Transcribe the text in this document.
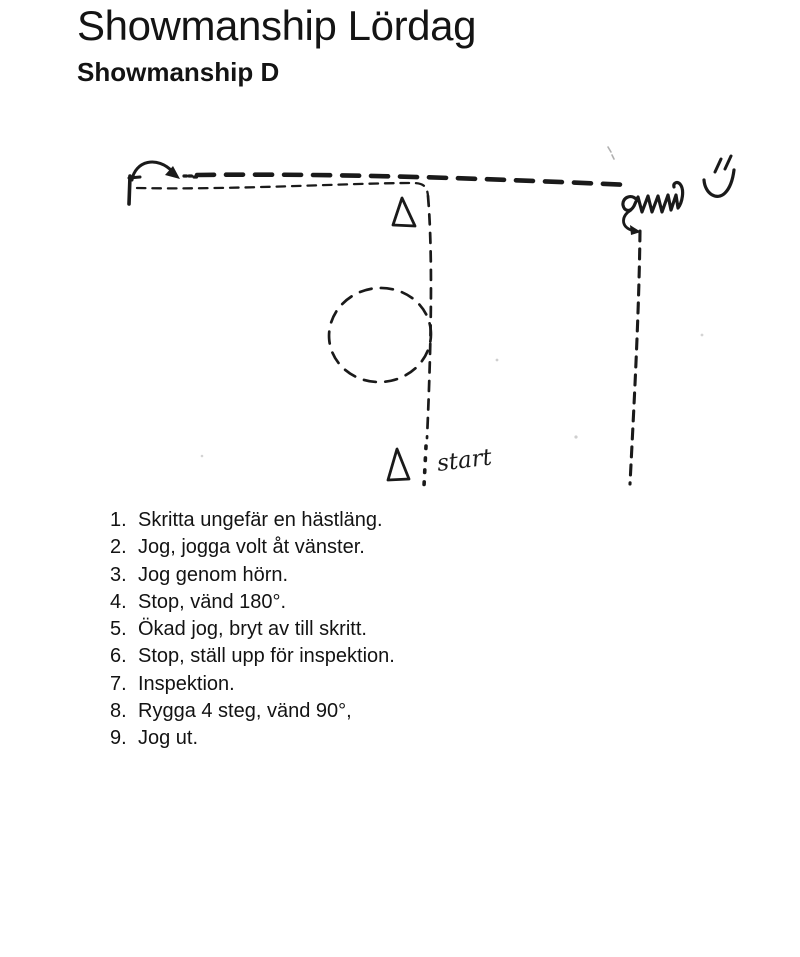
Showmanship Lördag
Showmanship D
start
1. Skritta ungefär en hästläng.
2. Jog, jogga volt åt vänster.
3. Jog genom hörn.
4. Stop, vänd 180°.
5. Ökad jog, bryt av till skritt.
6. Stop, ställ upp för inspektion.
7. Inspektion.
8. Rygga 4 steg, vänd 90°,
9. Jog ut.
